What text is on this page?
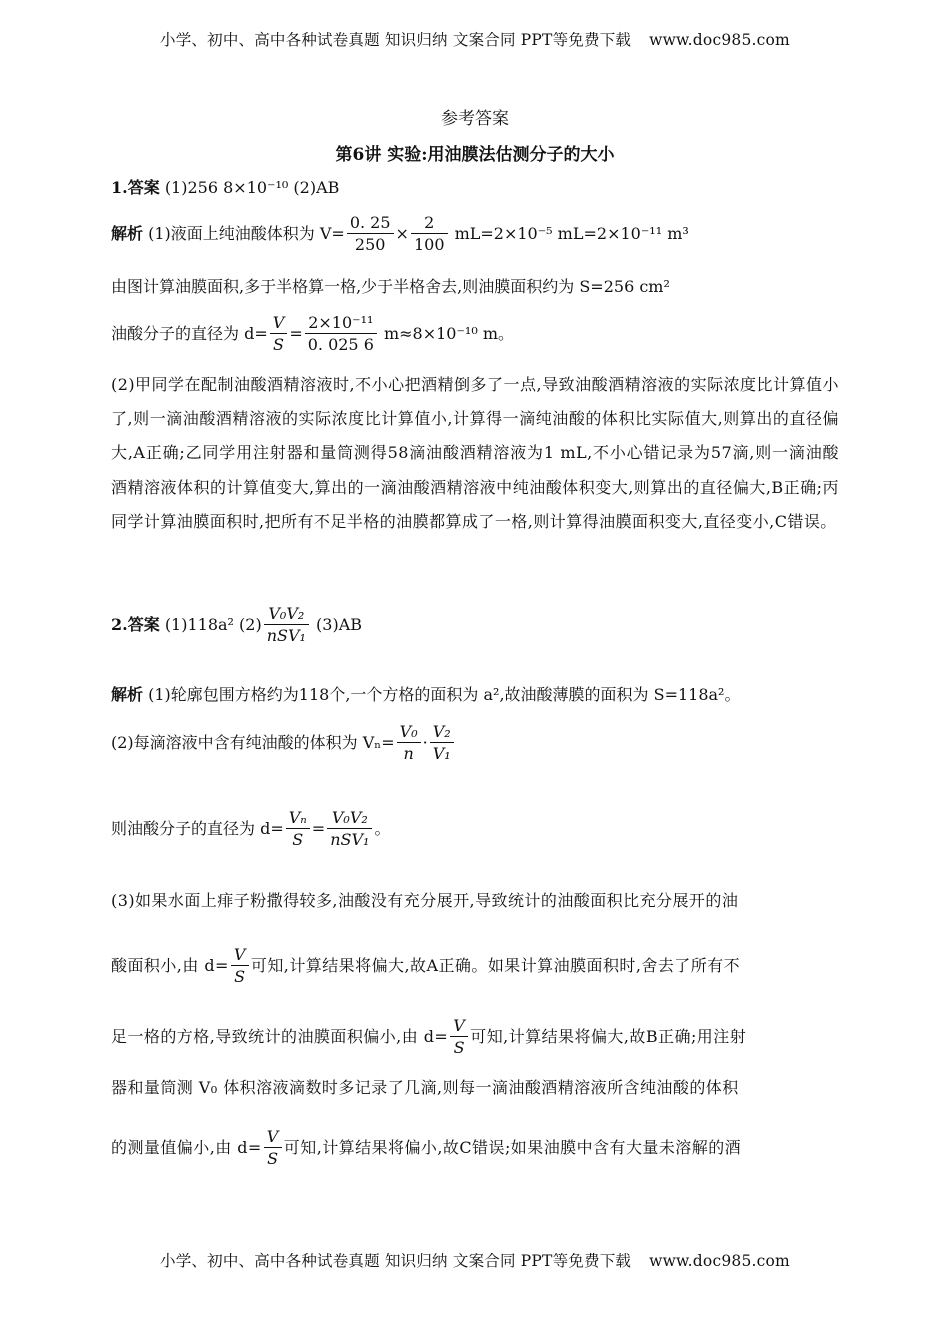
小学、初中、高中各种试卷真题 知识归纳 文案合同 PPT等免费下载 www.doc985.com
参考答案
第6讲 实验:用油膜法估测分子的大小
1.答案 (1)256 8×10⁻¹⁰ (2)AB
解析 (1)液面上纯油酸体积为 $V= \frac{0. 25}{250} \times \frac{2}{100} mL=2\times 10^{-5}$ mL=2×10⁻¹¹ m³
由图计算油膜面积,多于半格算一格,少于半格舍去,则油膜面积约为 S=256 cm²
油酸分子的直径为 $d= \frac{V}{S} = \frac{\text{2×10⁻¹¹}}{0. 025 6} m\approx 8\times 10^{-10}$ m。
(2)甲同学在配制油酸酒精溶液时,不小心把酒精倒多了一点,导致油酸酒精溶液的实际浓度比计算值小了,则一滴油酸酒精溶液的实际浓度比计算值小,计算得一滴纯油酸的体积比实际值大,则算出的直径偏大,A正确;乙同学用注射器和量筒测得58滴油酸酒精溶液为1 mL,不小心错记录为57滴,则一滴油酸酒精溶液体积的计算值变大,算出的一滴油酸酒精溶液中纯油酸体积变大,则算出的直径偏大,B正确;丙同学计算油膜面积时,把所有不足半格的油膜都算成了一格,则计算得油膜面积变大,直径变小,C错误。
2.答案 (1)118a² $(2) \frac{\text{V₀V₂}}{\text{nSV₁}} (3)AB$
解析 (1)轮廓包围方格约为118个,一个方格的面积为 a²,故油酸薄膜的面积为 S=118a²。
(2)每滴溶液中含有纯油酸的体积为 $V_n= \frac{\text{V₀}}{n} \cdot \frac{\text{V₂}}{\text{V₁}}$
则油酸分子的直径为 $d= \frac{\text{Vₙ}}{S} = \frac{\text{V₀V₂}}{\text{nSV₁}}$ 。
(3)如果水面上痱子粉撒得较多,油酸没有充分展开,导致统计的油酸面积比充分展开的油
酸面积小,由 $d= \frac{V}{S}$ 可知,计算结果将偏大,故A正确。如果计算油膜面积时,舍去了所有不
足一格的方格,导致统计的油膜面积偏小,由 $d= \frac{V}{S}$ 可知,计算结果将偏大,故B正确;用注射
器和量筒测 V₀ 体积溶液滴数时多记录了几滴,则每一滴油酸酒精溶液所含纯油酸的体积
的测量值偏小,由 $d= \frac{V}{S}$ 可知,计算结果将偏小,故C错误;如果油膜中含有大量未溶解的酒
小学、初中、高中各种试卷真题 知识归纳 文案合同 PPT等免费下载 www.doc985.com
